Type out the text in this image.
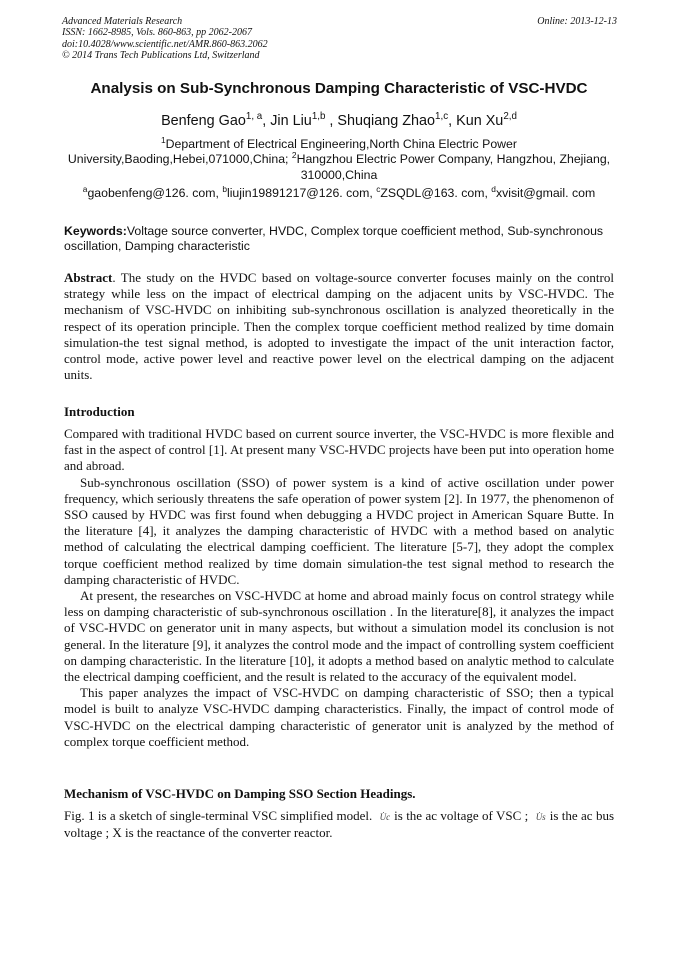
Advanced Materials Research
ISSN: 1662-8985, Vols. 860-863, pp 2062-2067
doi:10.4028/www.scientific.net/AMR.860-863.2062
© 2014 Trans Tech Publications Ltd, Switzerland
Online: 2013-12-13
Analysis on Sub-Synchronous Damping Characteristic of VSC-HVDC
Benfeng Gao$^{1, a}$, Jin Liu$^{1,b}$ , Shuqiang Zhao$^{1,c}$, Kun Xu$^{2,d}$
$^1$Department of Electrical Engineering,North China Electric Power University,Baoding,Hebei,071000,China; $^2$Hangzhou Electric Power Company, Hangzhou, Zhejiang, 310000,China
$^a$gaobenfeng@126. com, $^b$liujin19891217@126. com, $^c$ZSQDL@163. com, $^d$xvisit@gmail. com
Keywords:Voltage source converter, HVDC, Complex torque coefficient method, Sub-synchronous oscillation, Damping characteristic
Abstract. The study on the HVDC based on voltage-source converter focuses mainly on the control strategy while less on the impact of electrical damping on the adjacent units by VSC-HVDC. The mechanism of VSC-HVDC on inhibiting sub-synchronous oscillation is analyzed theoretically in the respect of its operation principle. Then the complex torque coefficient method realized by time domain simulation-the test signal method, is adopted to investigate the impact of the unit interaction factor, control mode, active power level and reactive power level on the electrical damping on the adjacent units.
Introduction

Compared with traditional HVDC based on current source inverter, the VSC-HVDC is more flexible and fast in the aspect of control [1]. At present many VSC-HVDC projects have been put into operation home and abroad.

Sub-synchronous oscillation (SSO) of power system is a kind of active oscillation under power frequency, which seriously threatens the safe operation of power system [2]. In 1977, the phenomenon of SSO caused by HVDC was first found when debugging a HVDC project in American Square Butte. In the literature [4], it analyzes the damping characteristic of HVDC with a method based on analytic method of calculating the electrical damping coefficient. The literature [5-7], they adopt the complex torque coefficient method realized by time domain simulation-the test signal method to research the damping characteristic of HVDC.

At present, the researches on VSC-HVDC at home and abroad mainly focus on control strategy while less on damping characteristic of sub-synchronous oscillation . In the literature[8], it analyzes the impact of VSC-HVDC on generator unit in many aspects, but without a simulation model its conclusion is not general. In the literature [9], it analyzes the control mode and the impact of controlling system coefficient on damping characteristic. In the literature [10], it adopts a method based on analytic method to calculate the electrical damping coefficient, and the result is related to the accuracy of the equivalent model.

This paper analyzes the impact of VSC-HVDC on damping characteristic of SSO; then a typical model is built to analyze VSC-HVDC damping characteristics. Finally, the impact of control mode of VSC-HVDC on the electrical damping characteristic of generator unit is analyzed by the method of complex torque coefficient method.

Mechanism of VSC-HVDC on Damping SSO Section Headings.

Fig. 1 is a sketch of single-terminal VSC simplified model. U̇c is the ac voltage of VSC ; U̇s is the ac bus voltage ; X is the reactance of the converter reactor.
